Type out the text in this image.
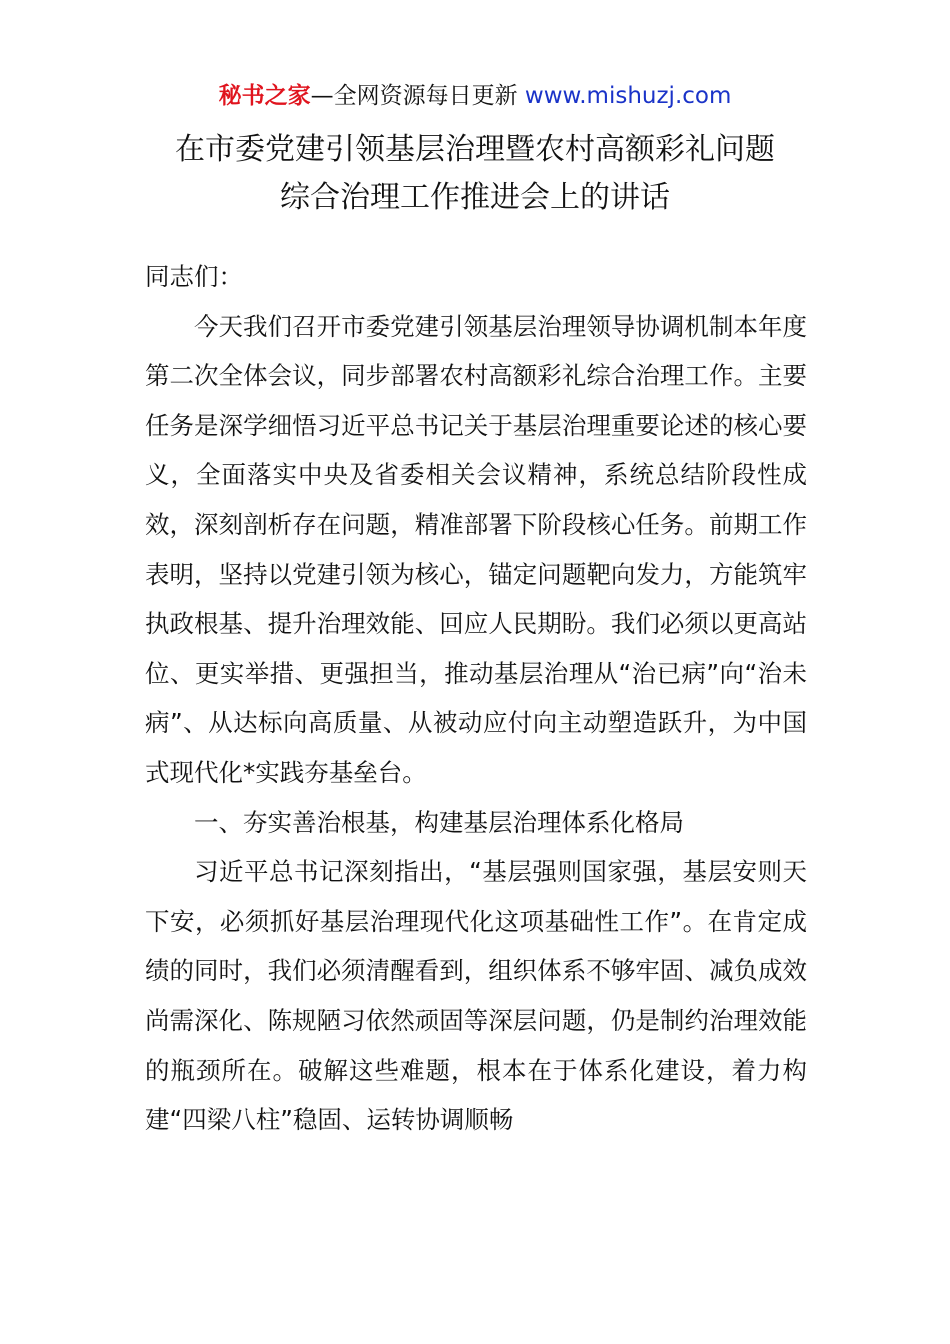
秘书之家—全网资源每日更新 www.mishuzj.com
在市委党建引领基层治理暨农村高额彩礼问题
综合治理工作推进会上的讲话

同志们：

今天我们召开市委党建引领基层治理领导协调机制本年度第二次全体会议，同步部署农村高额彩礼综合治理工作。主要任务是深学细悟习近平总书记关于基层治理重要论述的核心要义，全面落实中央及省委相关会议精神，系统总结阶段性成效，深刻剖析存在问题，精准部署下阶段核心任务。前期工作表明，坚持以党建引领为核心，锚定问题靶向发力，方能筑牢执政根基、提升治理效能、回应人民期盼。我们必须以更高站位、更实举措、更强担当，推动基层治理从“治已病”向“治未病”、从达标向高质量、从被动应付向主动塑造跃升，为中国式现代化*实践夯基垒台。

一、夯实善治根基，构建基层治理体系化格局

习近平总书记深刻指出，“基层强则国家强，基层安则天下安，必须抓好基层治理现代化这项基础性工作”。在肯定成绩的同时，我们必须清醒看到，组织体系不够牢固、减负成效尚需深化、陈规陋习依然顽固等深层问题，仍是制约治理效能的瓶颈所在。破解这些难题，根本在于体系化建设，着力构建“四梁八柱”稳固、运转协调顺畅
